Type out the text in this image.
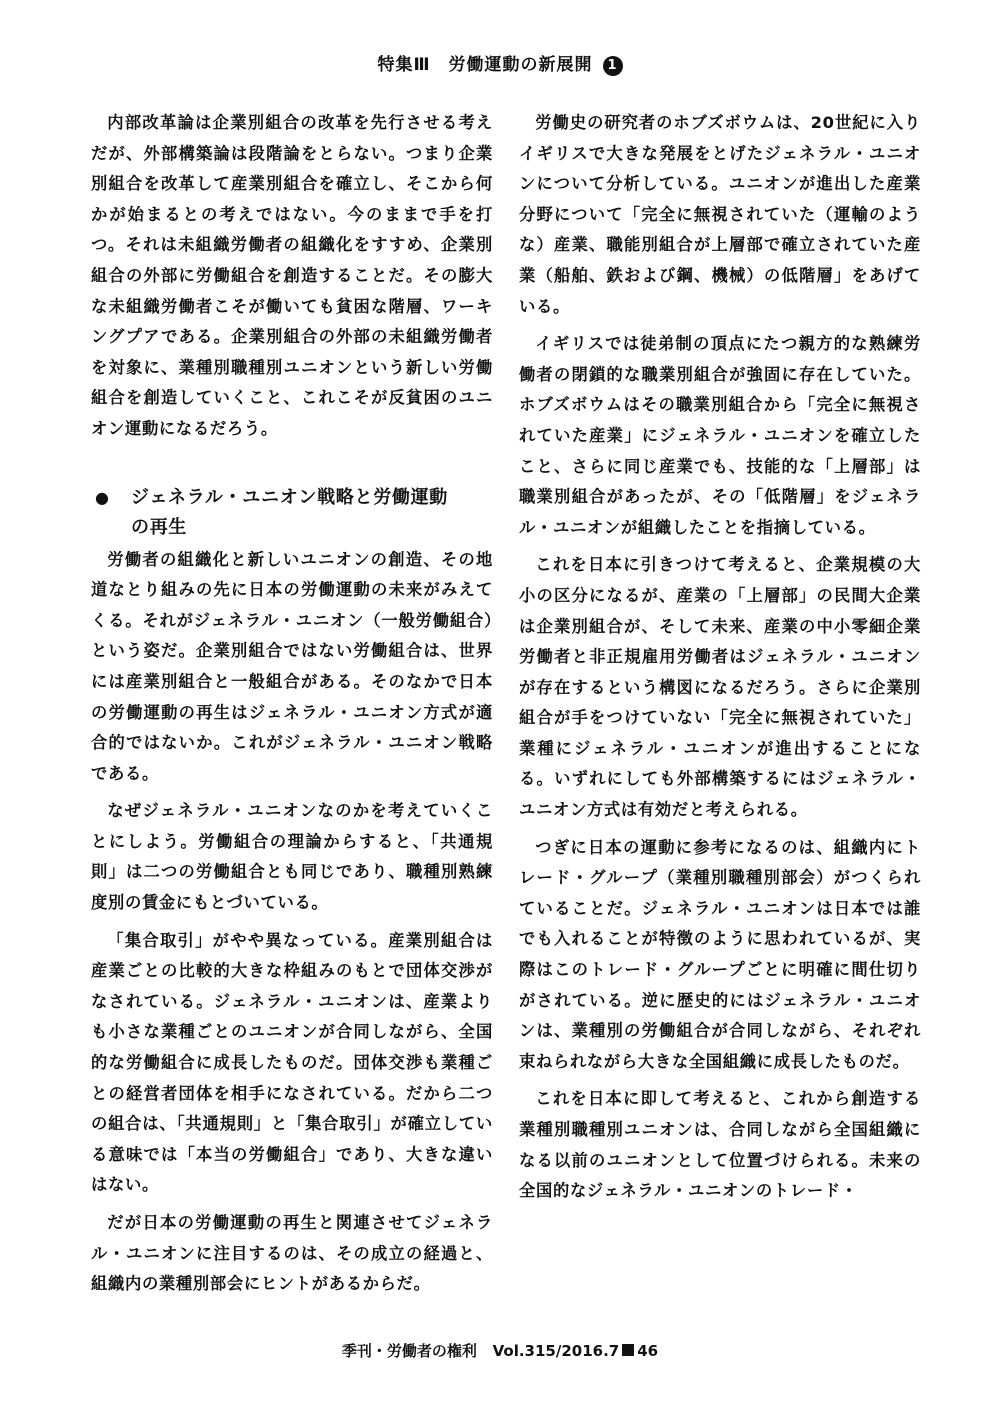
特集Ⅲ　労働運動の新展開 1

内部改革論は企業別組合の改革を先行させる考えだが、外部構築論は段階論をとらない。つまり企業別組合を改革して産業別組合を確立し、そこから何かが始まるとの考えではない。今のままで手を打つ。それは未組織労働者の組織化をすすめ、企業別組合の外部に労働組合を創造することだ。その膨大な未組織労働者こそが働いても貧困な階層、ワーキングプアである。企業別組合の外部の未組織労働者を対象に、業種別職種別ユニオンという新しい労働組合を創造していくこと、これこそが反貧困のユニオン運動になるだろう。

● ジェネラル・ユニオン戦略と労働運動
の再生

労働者の組織化と新しいユニオンの創造、その地道なとり組みの先に日本の労働運動の未来がみえてくる。それがジェネラル・ユニオン（一般労働組合）という姿だ。企業別組合ではない労働組合は、世界には産業別組合と一般組合がある。そのなかで日本の労働運動の再生はジェネラル・ユニオン方式が適合的ではないか。これがジェネラル・ユニオン戦略である。

なぜジェネラル・ユニオンなのかを考えていくことにしよう。労働組合の理論からすると、「共通規則」は二つの労働組合とも同じであり、職種別熟練度別の賃金にもとづいている。

「集合取引」がやや異なっている。産業別組合は産業ごとの比較的大きな枠組みのもとで団体交渉がなされている。ジェネラル・ユニオンは、産業よりも小さな業種ごとのユニオンが合同しながら、全国的な労働組合に成長したものだ。団体交渉も業種ごとの経営者団体を相手になされている。だから二つの組合は、「共通規則」と「集合取引」が確立している意味では「本当の労働組合」であり、大きな違いはない。

だが日本の労働運動の再生と関連させてジェネラル・ユニオンに注目するのは、その成立の経過と、組織内の業種別部会にヒントがあるからだ。

労働史の研究者のホブズボウムは、20世紀に入りイギリスで大きな発展をとげたジェネラル・ユニオンについて分析している。ユニオンが進出した産業分野について「完全に無視されていた（運輸のような）産業、職能別組合が上層部で確立されていた産業（船舶、鉄および鋼、機械）の低階層」をあげている。

イギリスでは徒弟制の頂点にたつ親方的な熟練労働者の閉鎖的な職業別組合が強固に存在していた。ホブズボウムはその職業別組合から「完全に無視されていた産業」にジェネラル・ユニオンを確立したこと、さらに同じ産業でも、技能的な「上層部」は職業別組合があったが、その「低階層」をジェネラル・ユニオンが組織したことを指摘している。

これを日本に引きつけて考えると、企業規模の大小の区分になるが、産業の「上層部」の民間大企業は企業別組合が、そして未来、産業の中小零細企業労働者と非正規雇用労働者はジェネラル・ユニオンが存在するという構図になるだろう。さらに企業別組合が手をつけていない「完全に無視されていた」業種にジェネラル・ユニオンが進出することになる。いずれにしても外部構築するにはジェネラル・ユニオン方式は有効だと考えられる。

つぎに日本の運動に参考になるのは、組織内にトレード・グループ（業種別職種別部会）がつくられていることだ。ジェネラル・ユニオンは日本では誰でも入れることが特徴のように思われているが、実際はこのトレード・グループごとに明確に間仕切りがされている。逆に歴史的にはジェネラル・ユニオンは、業種別の労働組合が合同しながら、それぞれ束ねられながら大きな全国組織に成長したものだ。

これを日本に即して考えると、これから創造する業種別職種別ユニオンは、合同しながら全国組織になる以前のユニオンとして位置づけられる。未来の全国的なジェネラル・ユニオンのトレード・

季刊・労働者の権利 Vol.315/2016.7 46
